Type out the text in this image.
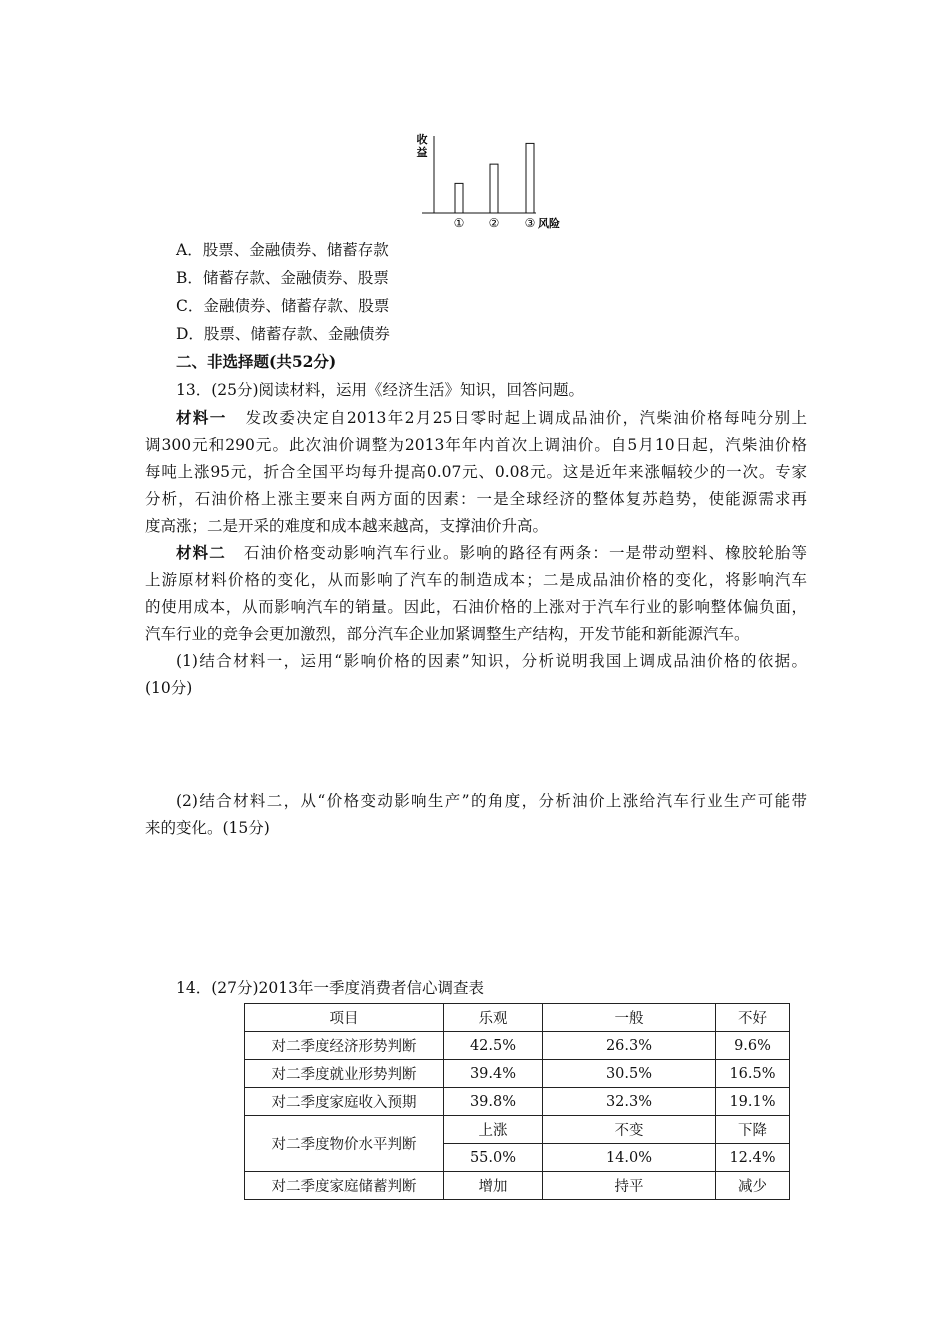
收
益
① ② ③ 风险
A．股票、金融债券、储蓄存款
B．储蓄存款、金融债券、股票
C．金融债券、储蓄存款、股票
D．股票、储蓄存款、金融债券
二、非选择题(共52分)
13．(25分)阅读材料，运用《经济生活》知识，回答问题。
材料一 发改委决定自2013年2月25日零时起上调成品油价，汽柴油价格每吨分别上
调300元和290元。此次油价调整为2013年年内首次上调油价。自5月10日起，汽柴油价格
每吨上涨95元，折合全国平均每升提高0.07元、0.08元。这是近年来涨幅较少的一次。专家
分析，石油价格上涨主要来自两方面的因素：一是全球经济的整体复苏趋势，使能源需求再
度高涨；二是开采的难度和成本越来越高，支撑油价升高。
材料二 石油价格变动影响汽车行业。影响的路径有两条：一是带动塑料、橡胶轮胎等
上游原材料价格的变化，从而影响了汽车的制造成本；二是成品油价格的变化，将影响汽车
的使用成本，从而影响汽车的销量。因此，石油价格的上涨对于汽车行业的影响整体偏负面，
汽车行业的竞争会更加激烈，部分汽车企业加紧调整生产结构，开发节能和新能源汽车。
(1)结合材料一，运用“影响价格的因素”知识，分析说明我国上调成品油价格的依据。
(10分)
(2)结合材料二，从“价格变动影响生产”的角度，分析油价上涨给汽车行业生产可能带
来的变化。(15分)
14．(27分)2013年一季度消费者信心调查表
项目	乐观	一般	不好
对二季度经济形势判断	42.5%	26.3%	9.6%
对二季度就业形势判断	39.4%	30.5%	16.5%
对二季度家庭收入预期	39.8%	32.3%	19.1%
对二季度物价水平判断	上涨	不变	下降
	55.0%	14.0%	12.4%
对二季度家庭储蓄判断	增加	持平	减少
